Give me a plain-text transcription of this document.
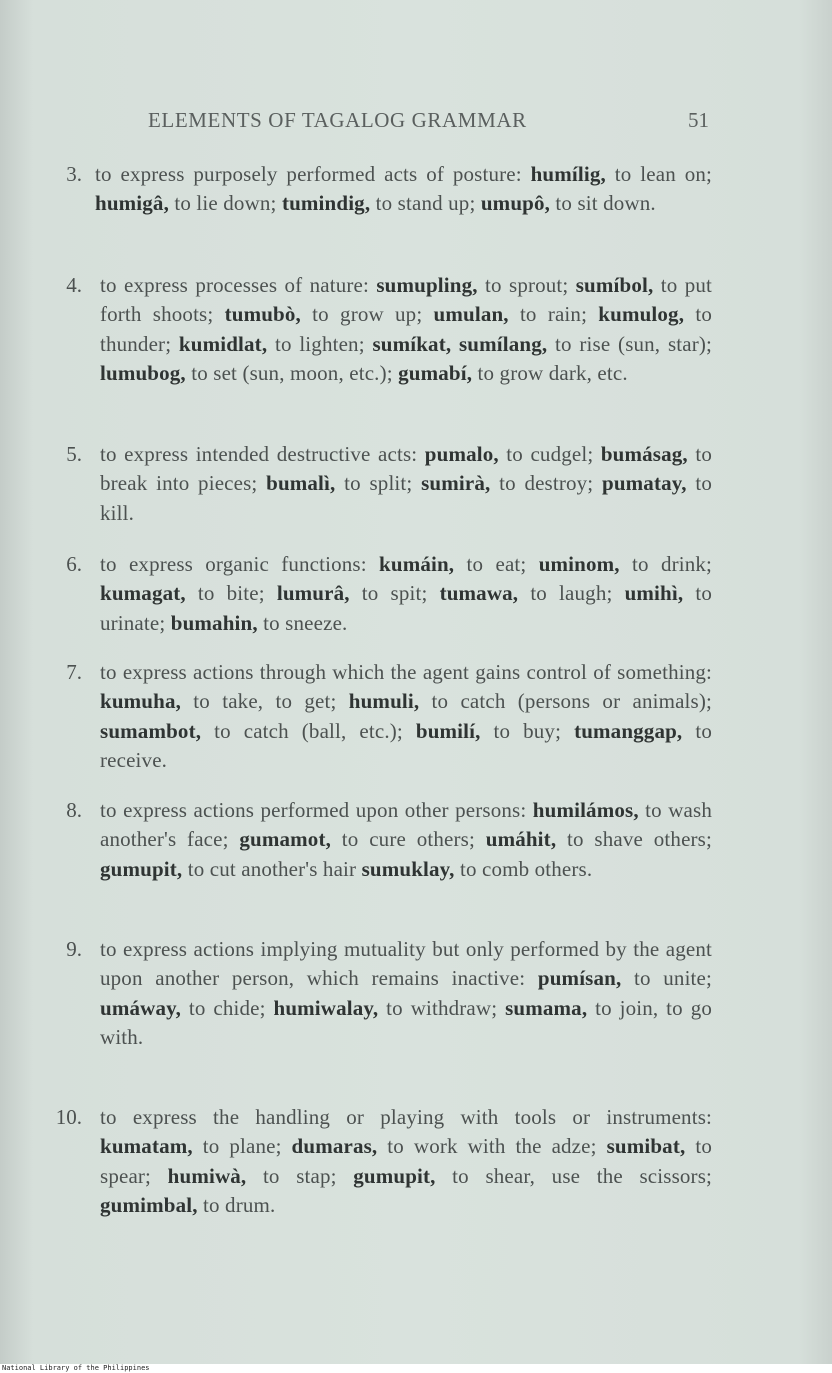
ELEMENTS OF TAGALOG GRAMMAR	51
3. to express purposely performed acts of posture: humílig, to lean on; humigâ, to lie down; tumindig, to stand up; umupô, to sit down.
4. to express processes of nature: sumupling, to sprout; sumíbol, to put forth shoots; tumubò, to grow up; umulan, to rain; kumulog, to thunder; kumidlat, to lighten; sumíkat, sumílang, to rise (sun, star); lumubog, to set (sun, moon, etc.); gumabí, to grow dark, etc.
5. to express intended destructive acts: pumalo, to cudgel; bumásag, to break into pieces; bumalì, to split; sumirà, to destroy; pumatay, to kill.
6. to express organic functions: kumáin, to eat; uminom, to drink; kumagat, to bite; lumurâ, to spit; tumawa, to laugh; umihì, to urinate; bumahin, to sneeze.
7. to express actions through which the agent gains control of something: kumuha, to take, to get; humuli, to catch (persons or animals); sumambot, to catch (ball, etc.); bumilí, to buy; tumanggap, to receive.
8. to express actions performed upon other persons: humilámos, to wash another's face; gumamot, to cure others; umáhit, to shave others; gumupit, to cut another's hair sumuklay, to comb others.
9. to express actions implying mutuality but only performed by the agent upon another person, which remains inactive: pumísan, to unite; umáway, to chide; humiwalay, to withdraw; sumama, to join, to go with.
10. to express the handling or playing with tools or instruments: kumatam, to plane; dumaras, to work with the adze; sumibat, to spear; humiwà, to stap; gumupit, to shear, use the scissors; gumimbal, to drum.
National Library of the Philippines
